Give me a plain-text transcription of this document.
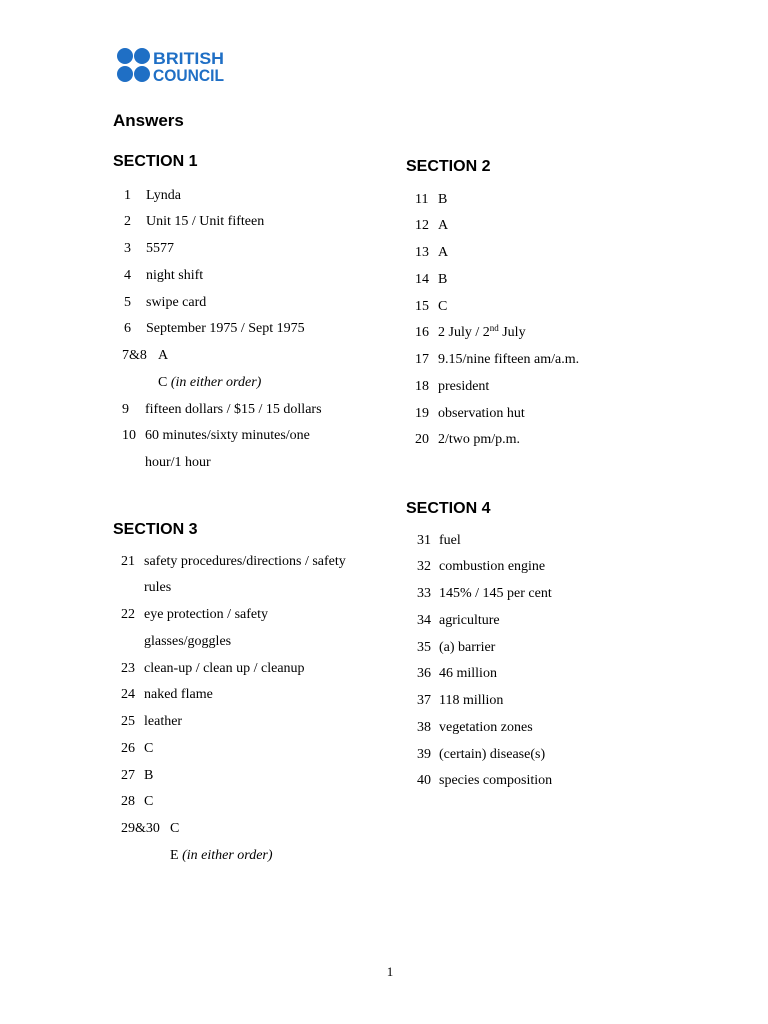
BRITISH
COUNCIL
Answers
SECTION 1	SECTION 2
SECTION 3
SECTION 4
1 Lynda
2 Unit 15 / Unit fifteen
3 5577
4 night shift
5 swipe card
6 September 1975 / Sept 1975
7&8 A
C (in either order)
9 fifteen dollars / $15 / 15 dollars
10 60 minutes/sixty minutes/one
hour/1 hour
11 B
12 A
13 A
14 B
15 C
16 2 July / 2nd July
17 9.15/nine fifteen am/a.m.
18 president
19 observation hut
20 2/two pm/p.m.
21 safety procedures/directions / safety
rules
22 eye protection / safety
glasses/goggles
23 clean-up / clean up / cleanup
24 naked flame
25 leather
26 C
27 B
28 C
29&30 C
E (in either order)
31 fuel
32 combustion engine
33 145% / 145 per cent
34 agriculture
35 (a) barrier
36 46 million
37 118 million
38 vegetation zones
39 (certain) disease(s)
40 species composition
1
